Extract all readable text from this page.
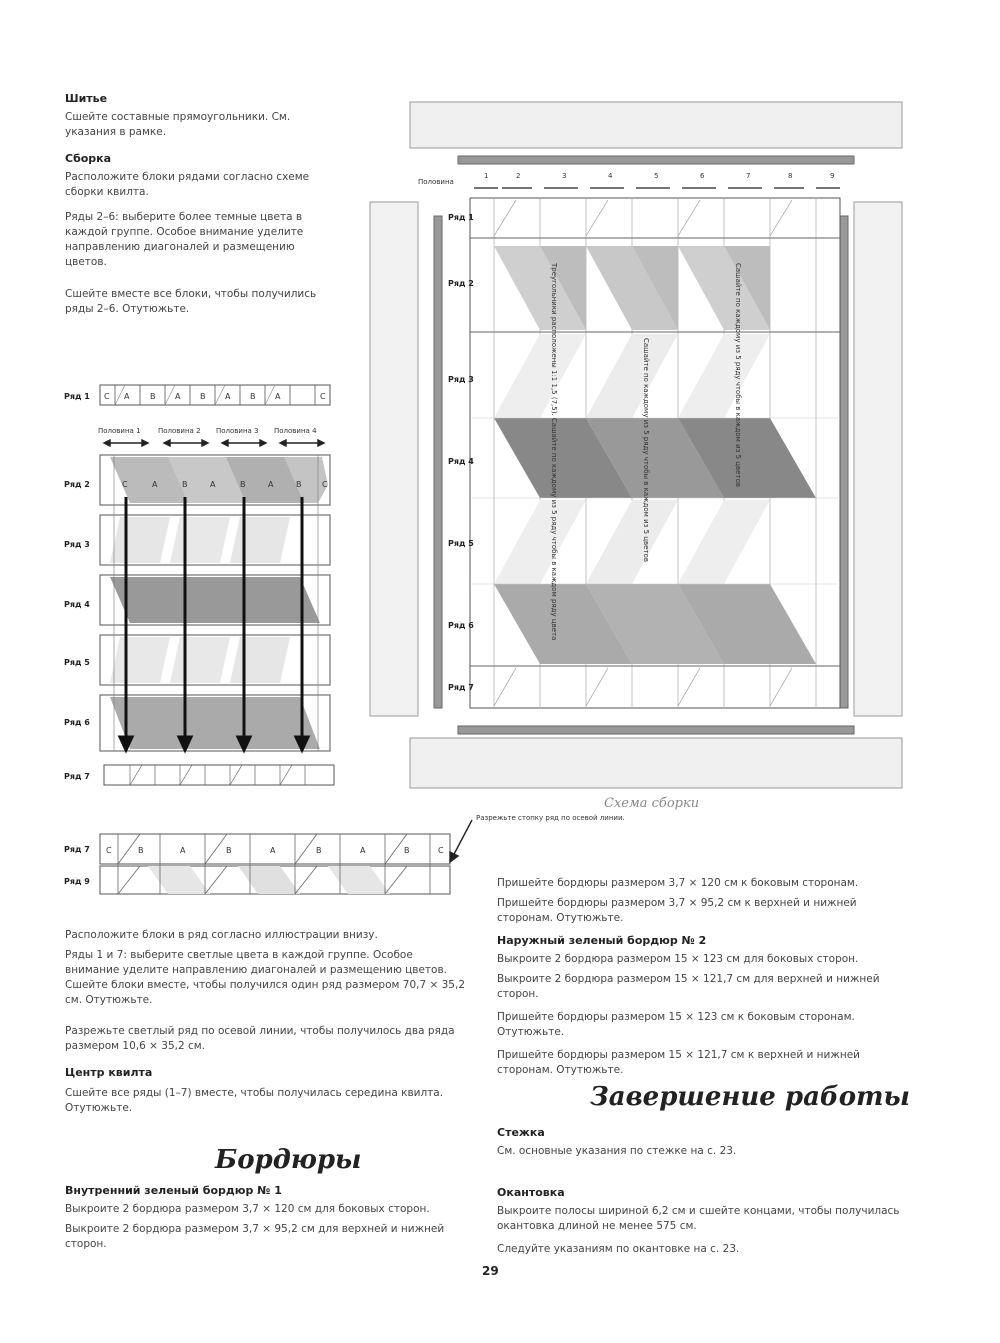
Шитье

Сшейте составные прямоугольники. См. указания в рамке.

Сборка

Расположите блоки рядами согласно схеме сборки квилта.

Ряды 2–6: выберите более темные цвета в каждой группе. Особое внимание уделите направлению диагоналей и размещению цветов.

Сшейте вместе все блоки, чтобы получились ряды 2–6. Отутюжьте.

Ряд 1 C A	B A B A B A	C
Половина 1 Половина 2 Половина 3 Половина 4
Ряд 2
Ряд 3
Ряд 4
Ряд 5
Ряд 6
Ряд 7
C	A	B	A	B	A	B	C
Половина
1	2	3	4	5	6	7	8	9
Ряд 1
Ряд 2
Ряд 3
Ряд 4
Ряд 5
Ряд 6
Ряд 7
Треугольники расположены 1:1 1,5 (7,5). Сашайте по каждому из 5 ряду чтобы в каждом ряду цвета	Сашайте по каждому из 5 ряду чтобы в каждом из 5 цветов	Сашайте по каждому из 5 ряду чтобы в каждом из 5 цветов

Схема сборки

Ряд 7
Ряд 9
C	B	A	B	A	B	A	B	C
Разрежьте стопку ряд по осевой линии.

Расположите блоки в ряд согласно иллюстрации внизу.

Ряды 1 и 7: выберите светлые цвета в каждой группе. Особое внимание уделите направлению диагоналей и размещению цветов. Сшейте блоки вместе, чтобы получился один ряд размером 70,7 × 35,2 см. Отутюжьте.

Разрежьте светлый ряд по осевой линии, чтобы получилось два ряда размером 10,6 × 35,2 см.

Центр квилта

Сшейте все ряды (1–7) вместе, чтобы получилась середина квилта. Отутюжьте.

Бордюры

Внутренний зеленый бордюр № 1

Выкроите 2 бордюра размером 3,7 × 120 см для боковых сторон.

Выкроите 2 бордюра размером 3,7 × 95,2 см для верхней и нижней сторон.

Пришейте бордюры размером 3,7 × 120 см к боковым сторонам.

Пришейте бордюры размером 3,7 × 95,2 см к верхней и нижней сторонам. Отутюжьте.

Наружный зеленый бордюр № 2

Выкроите 2 бордюра размером 15 × 123 см для боковых сторон.

Выкроите 2 бордюра размером 15 × 121,7 см для верхней и нижней сторон.

Пришейте бордюры размером 15 × 123 см к боковым сторонам. Отутюжьте.

Пришейте бордюры размером 15 × 121,7 см к верхней и нижней сторонам. Отутюжьте.

Завершение работы

Стежка

См. основные указания по стежке на с. 23.

Окантовка

Выкроите полосы шириной 6,2 см и сшейте концами, чтобы получилась окантовка длиной не менее 575 см.

Следуйте указаниям по окантовке на с. 23.

29
